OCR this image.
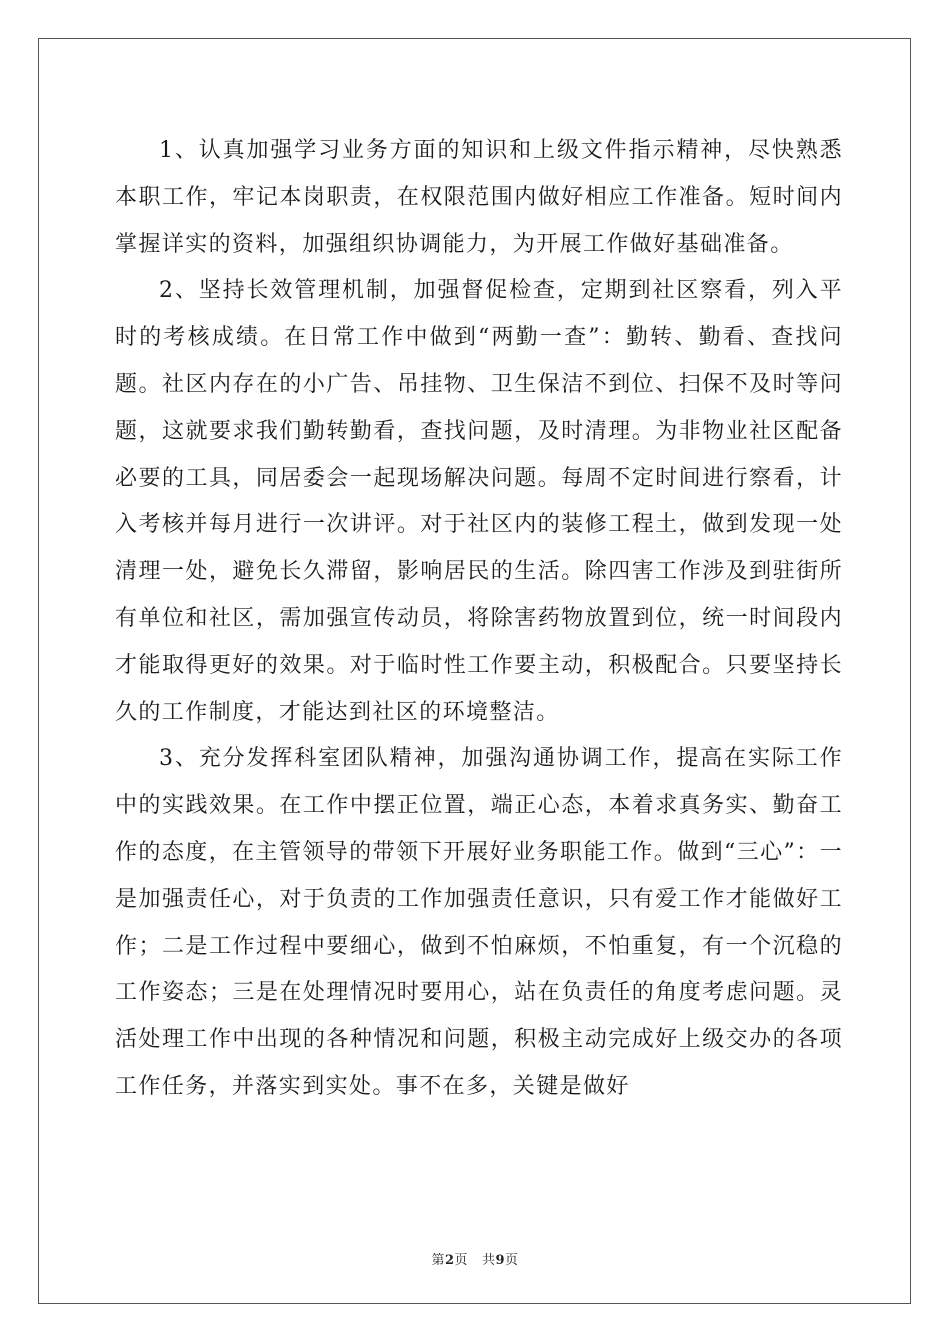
1、认真加强学习业务方面的知识和上级文件指示精神，尽快熟悉本职工作，牢记本岗职责，在权限范围内做好相应工作准备。短时间内掌握详实的资料，加强组织协调能力，为开展工作做好基础准备。

2、坚持长效管理机制，加强督促检查，定期到社区察看，列入平时的考核成绩。在日常工作中做到“两勤一查”：勤转、勤看、查找问题。社区内存在的小广告、吊挂物、卫生保洁不到位、扫保不及时等问题，这就要求我们勤转勤看，查找问题，及时清理。为非物业社区配备必要的工具，同居委会一起现场解决问题。每周不定时间进行察看，计入考核并每月进行一次讲评。对于社区内的装修工程土，做到发现一处清理一处，避免长久滞留，影响居民的生活。除四害工作涉及到驻街所有单位和社区，需加强宣传动员，将除害药物放置到位，统一时间段内才能取得更好的效果。对于临时性工作要主动，积极配合。只要坚持长久的工作制度，才能达到社区的环境整洁。

3、充分发挥科室团队精神，加强沟通协调工作，提高在实际工作中的实践效果。在工作中摆正位置，端正心态，本着求真务实、勤奋工作的态度，在主管领导的带领下开展好业务职能工作。做到“三心”：一是加强责任心，对于负责的工作加强责任意识，只有爱工作才能做好工作；二是工作过程中要细心，做到不怕麻烦，不怕重复，有一个沉稳的工作姿态；三是在处理情况时要用心，站在负责任的角度考虑问题。灵活处理工作中出现的各种情况和问题，积极主动完成好上级交办的各项工作任务，并落实到实处。事不在多，关键是做好

第2页 共9页
